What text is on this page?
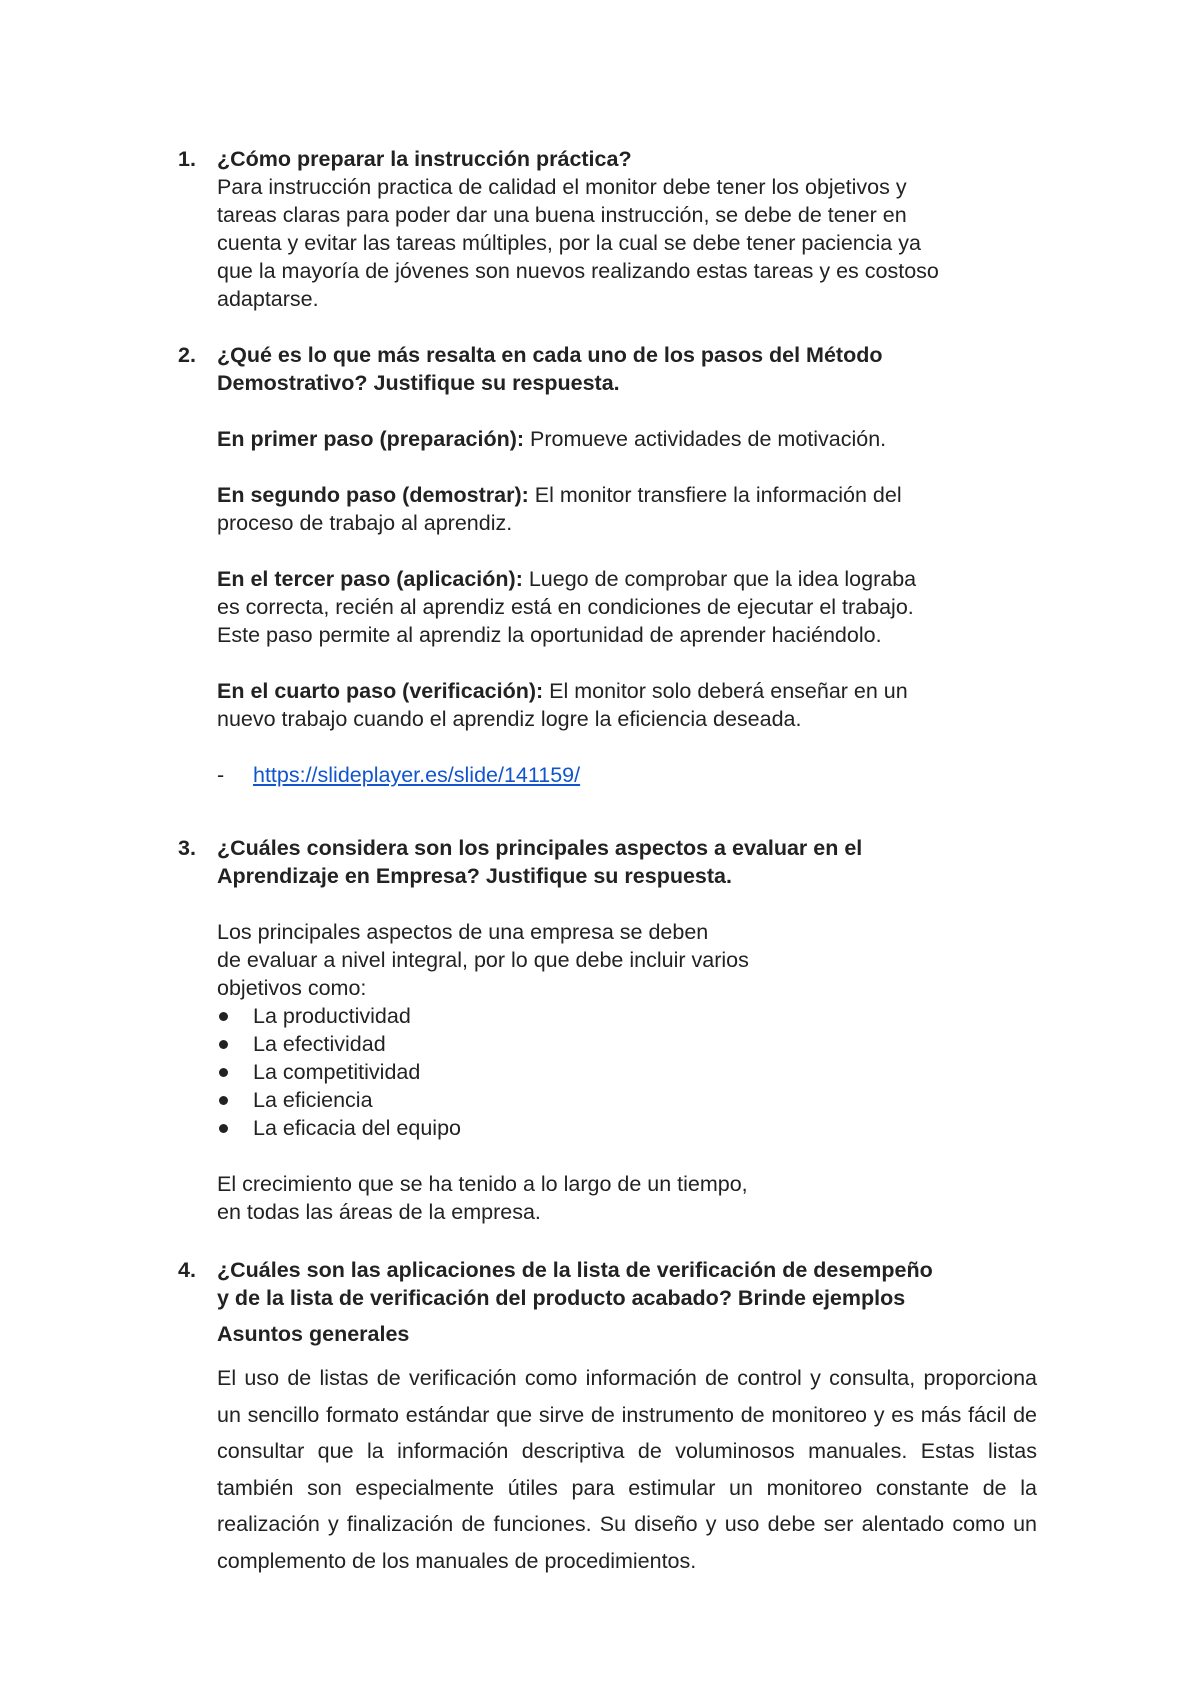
1. ¿Cómo preparar la instrucción práctica?

Para instrucción practica de calidad el monitor debe tener los objetivos y

tareas claras para poder dar una buena instrucción, se debe de tener en

cuenta y evitar las tareas múltiples, por la cual se debe tener paciencia ya

que la mayoría de jóvenes son nuevos realizando estas tareas y es costoso

adaptarse.

2. ¿Qué es lo que más resalta en cada uno de los pasos del Método

Demostrativo? Justifique su respuesta.

En primer paso (preparación): Promueve actividades de motivación.

En segundo paso (demostrar): El monitor transfiere la información del

proceso de trabajo al aprendiz.

En el tercer paso (aplicación): Luego de comprobar que la idea lograba

es correcta, recién al aprendiz está en condiciones de ejecutar el trabajo.

Este paso permite al aprendiz la oportunidad de aprender haciéndolo.

En el cuarto paso (verificación): El monitor solo deberá enseñar en un

nuevo trabajo cuando el aprendiz logre la eficiencia deseada.

- https://slideplayer.es/slide/141159/

3. ¿Cuáles considera son los principales aspectos a evaluar en el

Aprendizaje en Empresa? Justifique su respuesta.

Los principales aspectos de una empresa se deben

de evaluar a nivel integral, por lo que debe incluir varios

objetivos como:

La productividad
La efectividad
La competitividad
La eficiencia
La eficacia del equipo

El crecimiento que se ha tenido a lo largo de un tiempo,

en todas las áreas de la empresa.

4. ¿Cuáles son las aplicaciones de la lista de verificación de desempeño

y de la lista de verificación del producto acabado? Brinde ejemplos

Asuntos generales

El uso de listas de verificación como información de control y consulta, proporciona un sencillo formato estándar que sirve de instrumento de monitoreo y es más fácil de consultar que la información descriptiva de voluminosos manuales. Estas listas también son especialmente útiles para estimular un monitoreo constante de la realización y finalización de funciones. Su diseño y uso debe ser alentado como un complemento de los manuales de procedimientos.
